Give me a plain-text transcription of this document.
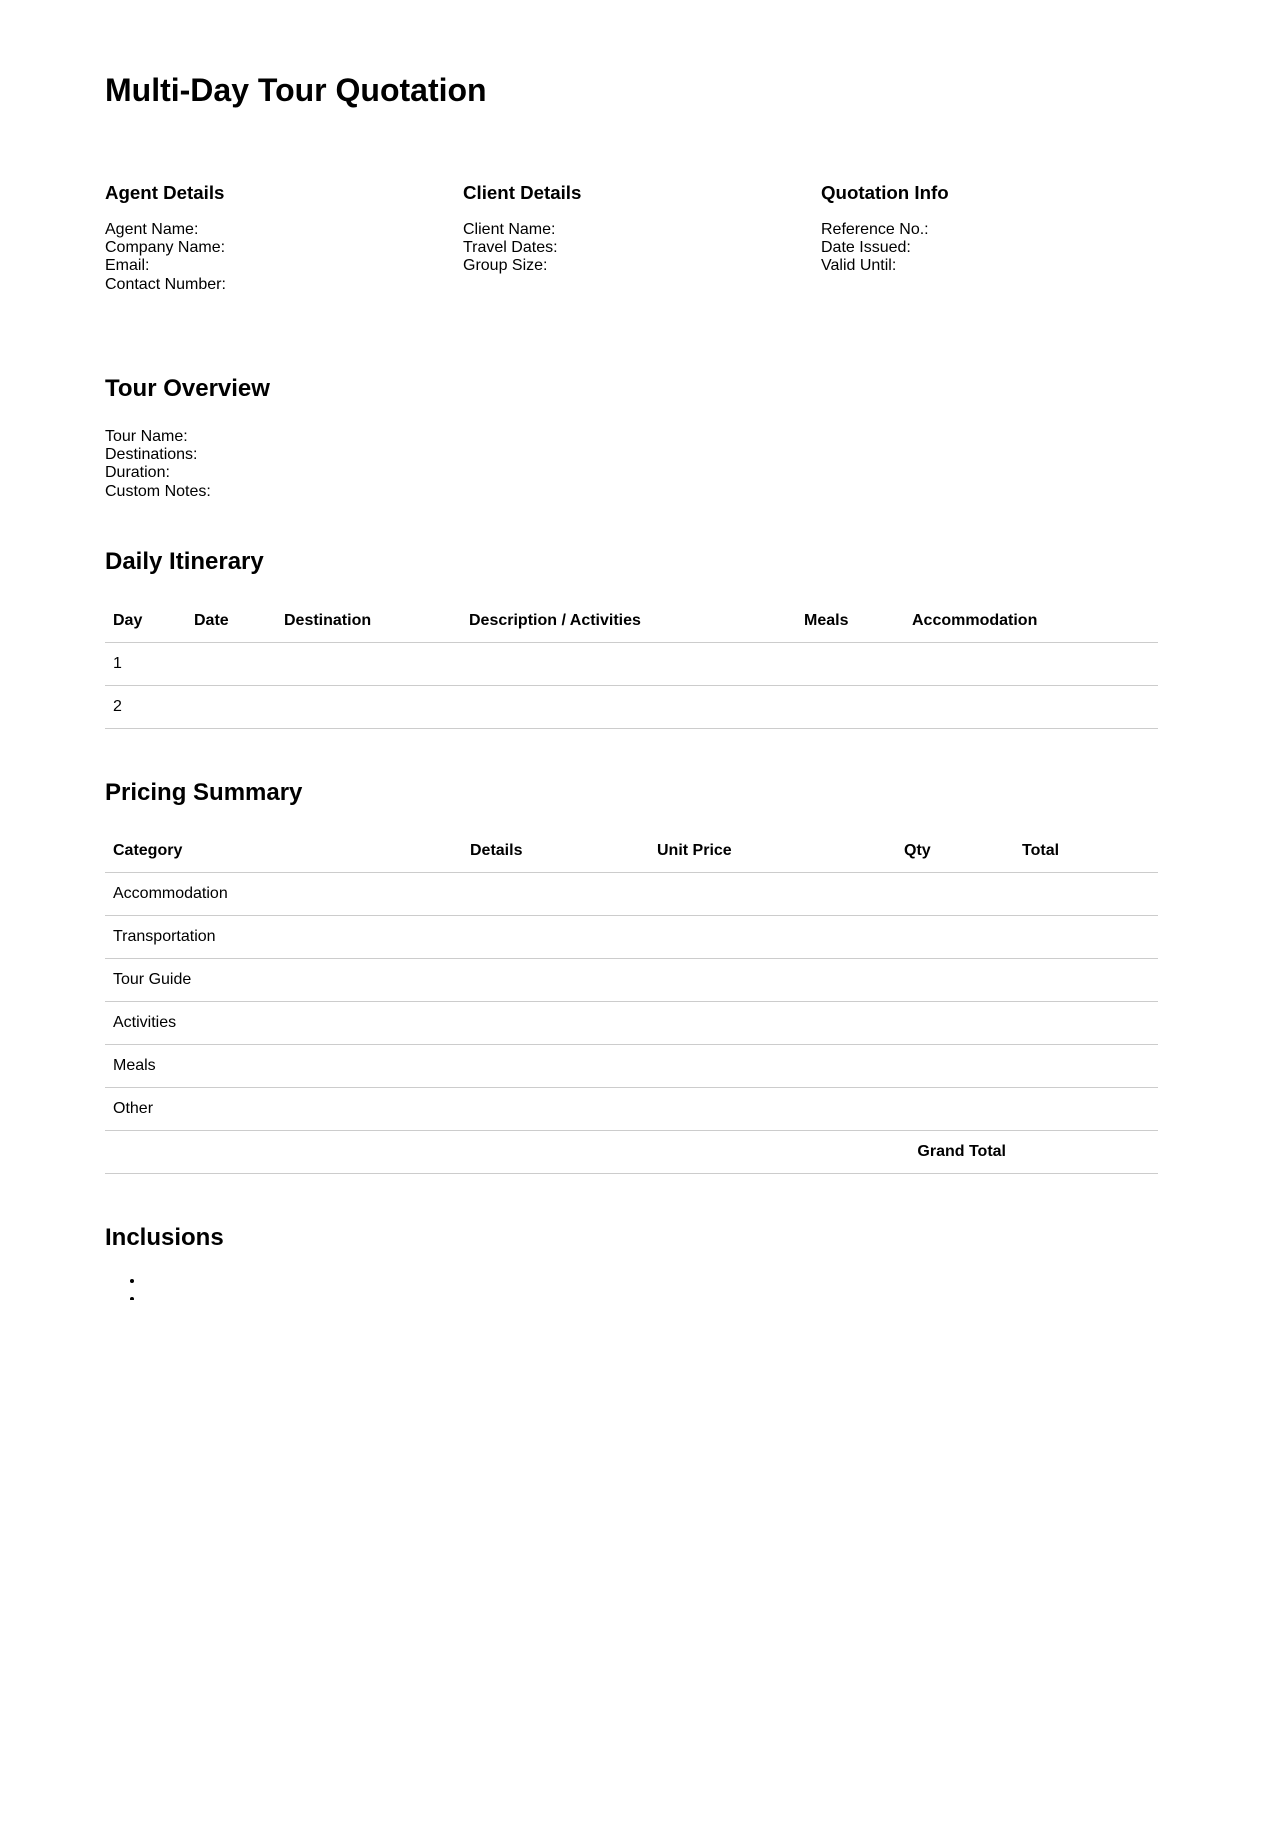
Multi-Day Tour Quotation
Agent Details
Agent Name:
Company Name:
Email:
Contact Number:
Client Details
Client Name:
Travel Dates:
Group Size:
Quotation Info
Reference No.:
Date Issued:
Valid Until:
Tour Overview
Tour Name:
Destinations:
Duration:
Custom Notes:
Daily Itinerary
Day	Date	Destination	Description / Activities	Meals	Accommodation
1					
2					
Pricing Summary
Category	Details	Unit Price	Qty	Total
Accommodation				
Transportation				
Tour Guide				
Activities				
Meals				
Other				
Grand Total				
Inclusions
